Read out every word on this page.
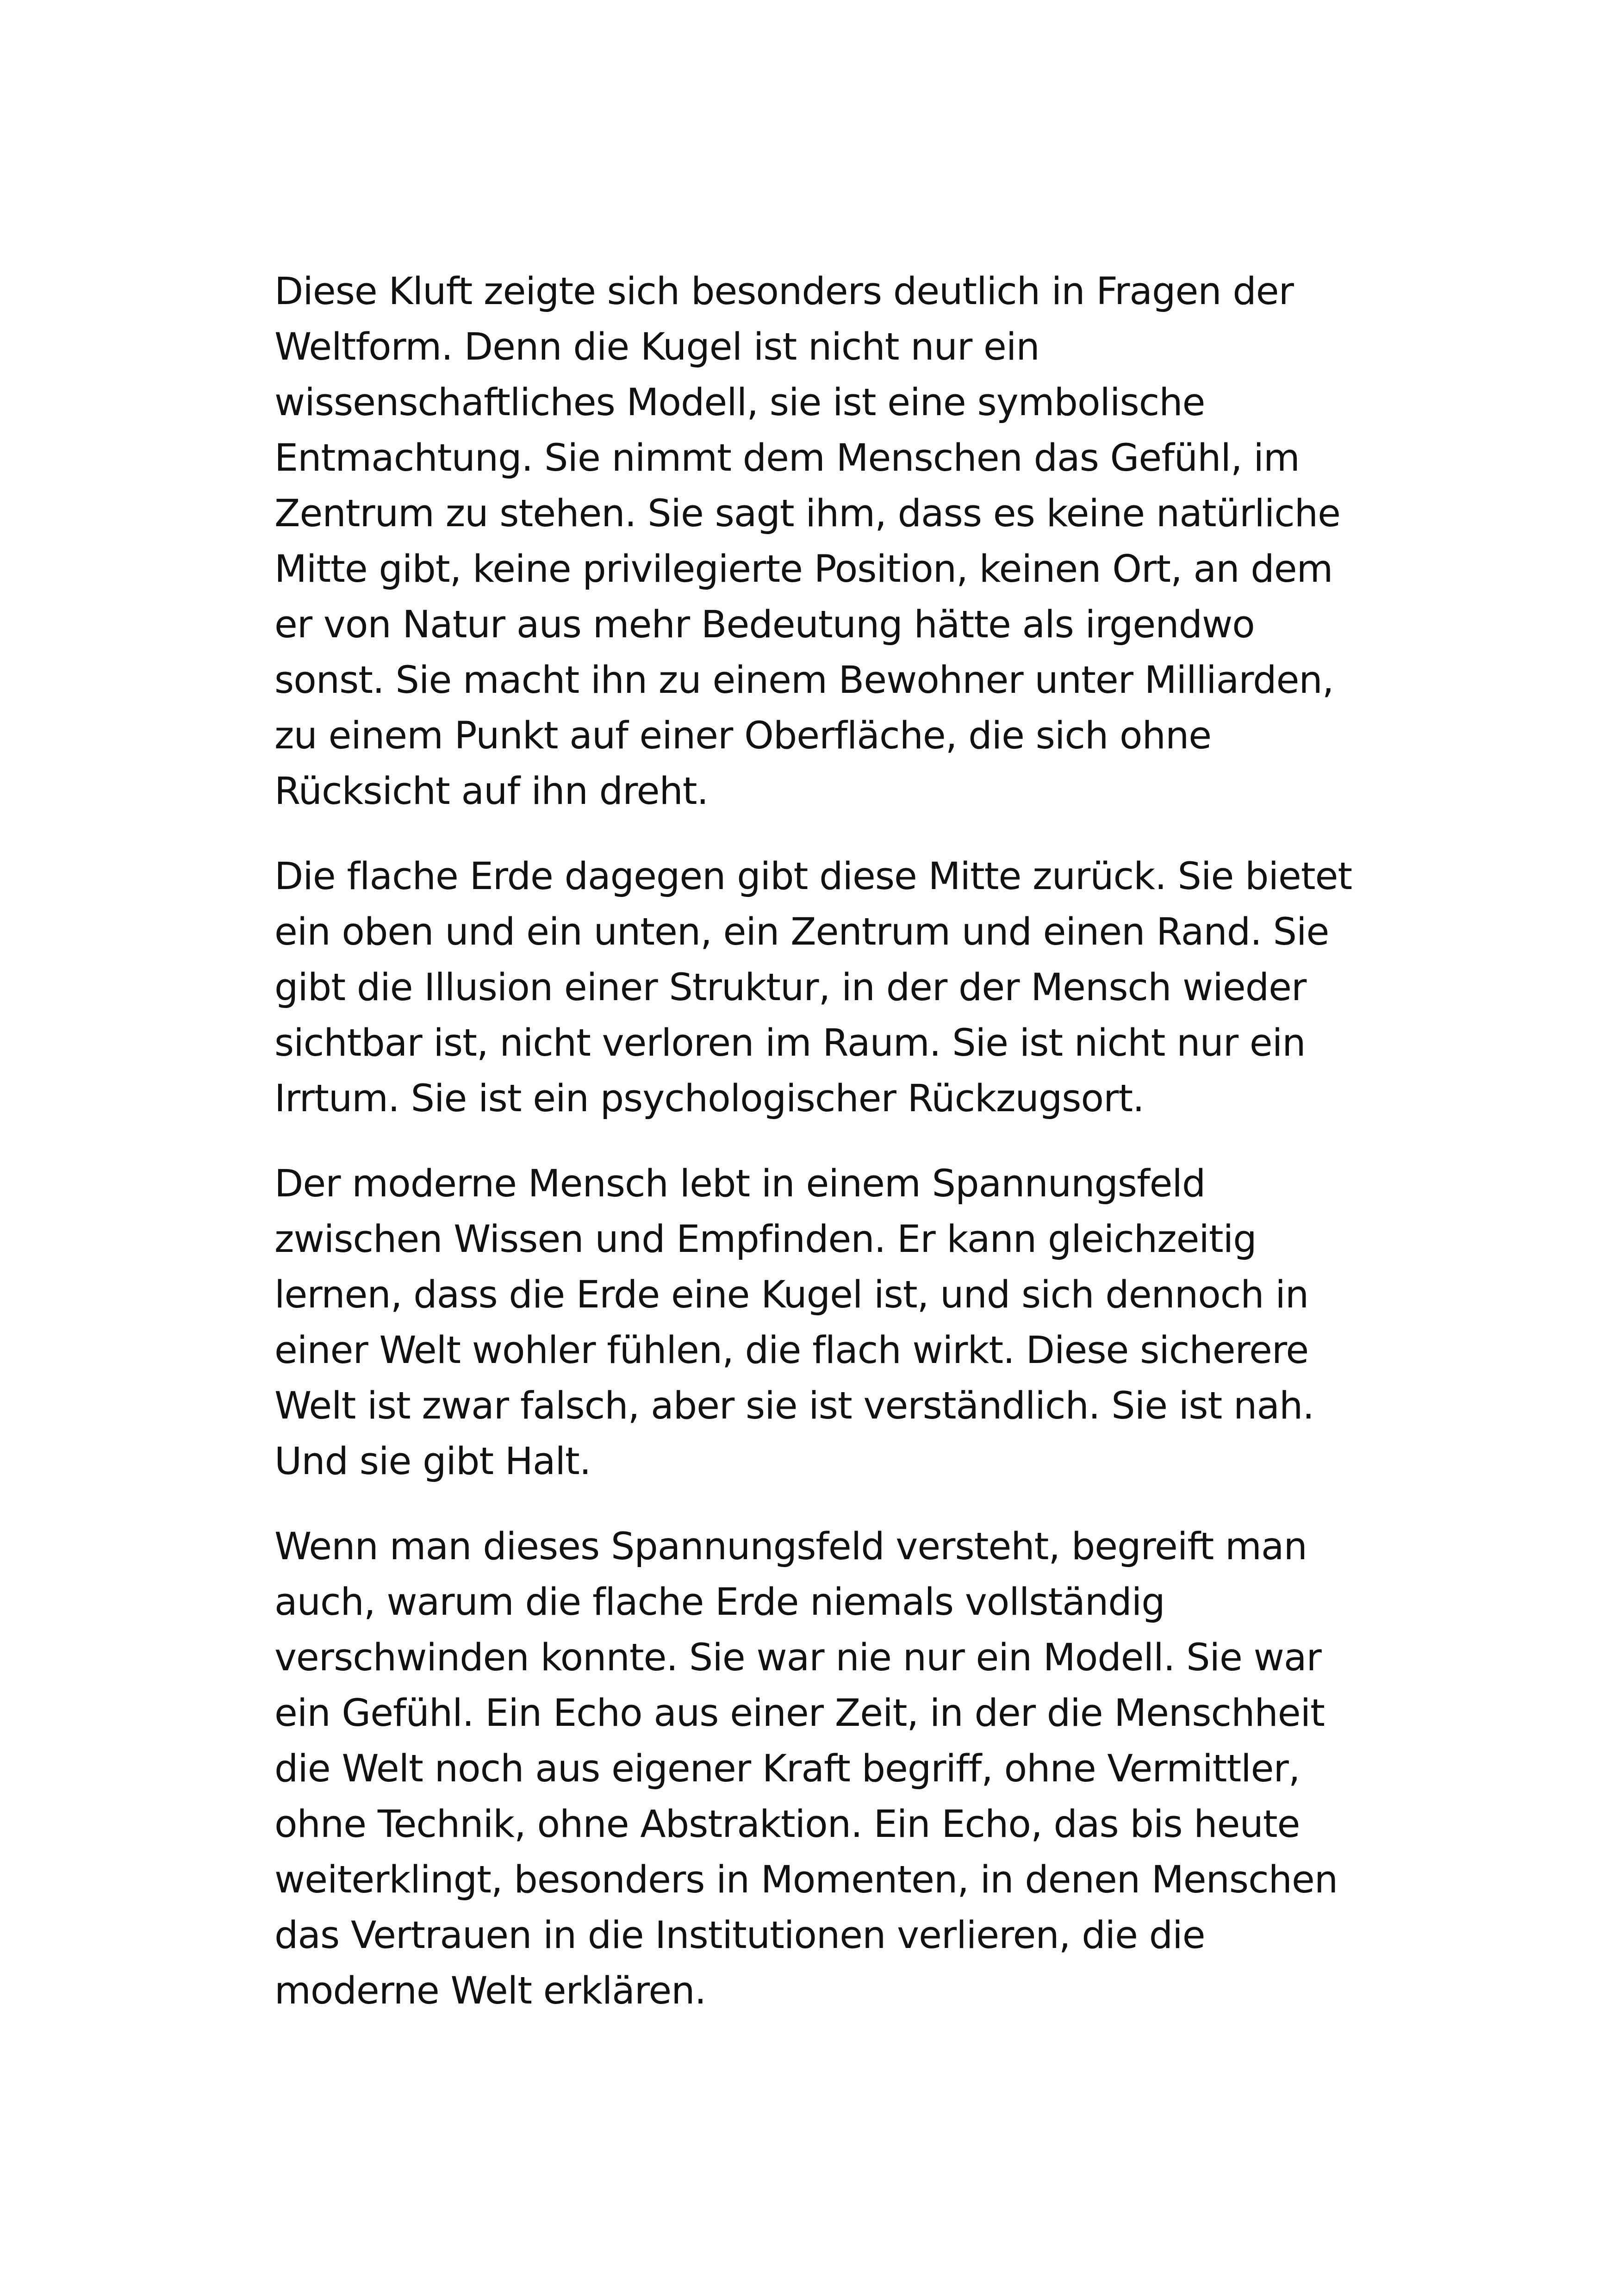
Diese Kluft zeigte sich besonders deutlich in Fragen der
Weltform. Denn die Kugel ist nicht nur ein
wissenschaftliches Modell, sie ist eine symbolische
Entmachtung. Sie nimmt dem Menschen das Gefühl, im
Zentrum zu stehen. Sie sagt ihm, dass es keine natürliche
Mitte gibt, keine privilegierte Position, keinen Ort, an dem
er von Natur aus mehr Bedeutung hätte als irgendwo
sonst. Sie macht ihn zu einem Bewohner unter Milliarden,
zu einem Punkt auf einer Oberfläche, die sich ohne
Rücksicht auf ihn dreht.

Die flache Erde dagegen gibt diese Mitte zurück. Sie bietet
ein oben und ein unten, ein Zentrum und einen Rand. Sie
gibt die Illusion einer Struktur, in der der Mensch wieder
sichtbar ist, nicht verloren im Raum. Sie ist nicht nur ein
Irrtum. Sie ist ein psychologischer Rückzugsort.

Der moderne Mensch lebt in einem Spannungsfeld
zwischen Wissen und Empfinden. Er kann gleichzeitig
lernen, dass die Erde eine Kugel ist, und sich dennoch in
einer Welt wohler fühlen, die flach wirkt. Diese sicherere
Welt ist zwar falsch, aber sie ist verständlich. Sie ist nah.
Und sie gibt Halt.

Wenn man dieses Spannungsfeld versteht, begreift man
auch, warum die flache Erde niemals vollständig
verschwinden konnte. Sie war nie nur ein Modell. Sie war
ein Gefühl. Ein Echo aus einer Zeit, in der die Menschheit
die Welt noch aus eigener Kraft begriff, ohne Vermittler,
ohne Technik, ohne Abstraktion. Ein Echo, das bis heute
weiterklingt, besonders in Momenten, in denen Menschen
das Vertrauen in die Institutionen verlieren, die die
moderne Welt erklären.
